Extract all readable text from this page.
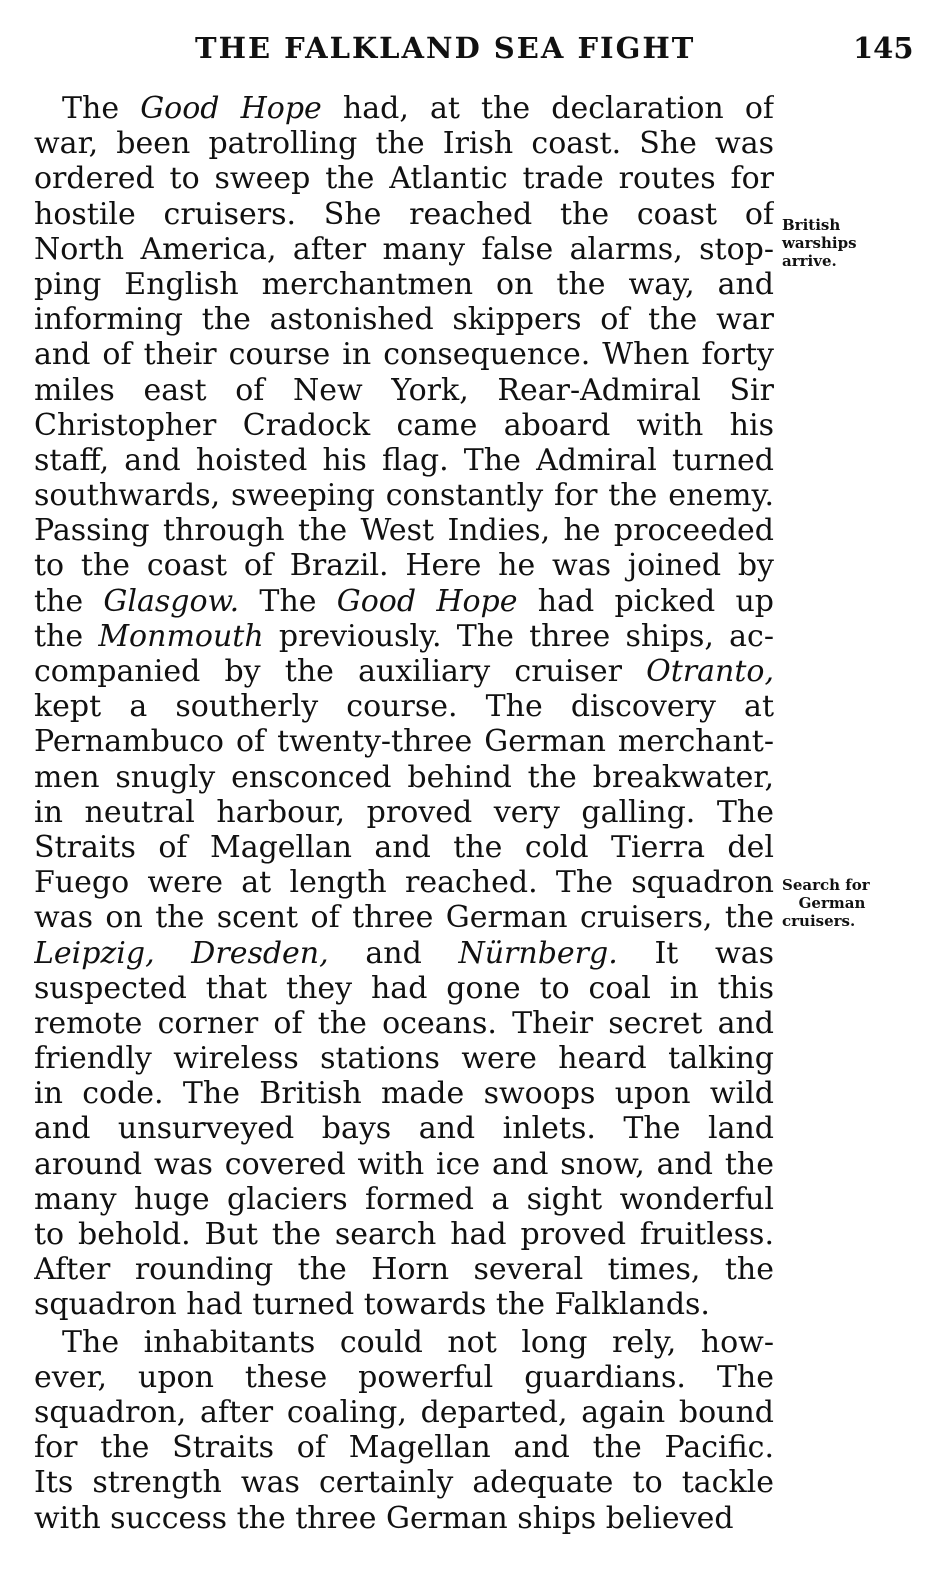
THE FALKLAND SEA FIGHT	145
The Good Hope had, at the declaration of
war, been patrolling the Irish coast. She was
ordered to sweep the Atlantic trade routes for
hostile cruisers. She reached the coast of
North America, after many false alarms, stop-
ping English merchantmen on the way, and
informing the astonished skippers of the war
and of their course in consequence. When forty
miles east of New York, Rear-Admiral Sir
Christopher Cradock came aboard with his
staff, and hoisted his flag. The Admiral turned
southwards, sweeping constantly for the enemy.
Passing through the West Indies, he proceeded
to the coast of Brazil. Here he was joined by
the Glasgow. The Good Hope had picked up
the Monmouth previously. The three ships, ac-
companied by the auxiliary cruiser Otranto,
kept a southerly course. The discovery at
Pernambuco of twenty-three German merchant-
men snugly ensconced behind the breakwater,
in neutral harbour, proved very galling. The
Straits of Magellan and the cold Tierra del
Fuego were at length reached. The squadron
was on the scent of three German cruisers, the
Leipzig, Dresden, and Nürnberg. It was
suspected that they had gone to coal in this
remote corner of the oceans. Their secret and
friendly wireless stations were heard talking
in code. The British made swoops upon wild
and unsurveyed bays and inlets. The land
around was covered with ice and snow, and the
many huge glaciers formed a sight wonderful
to behold. But the search had proved fruitless.
After rounding the Horn several times, the
squadron had turned towards the Falklands.
The inhabitants could not long rely, how-
ever, upon these powerful guardians. The
squadron, after coaling, departed, again bound
for the Straits of Magellan and the Pacific.
Its strength was certainly adequate to tackle
with success the three German ships believed
British
warships
arrive.
Search for
German
cruisers.
